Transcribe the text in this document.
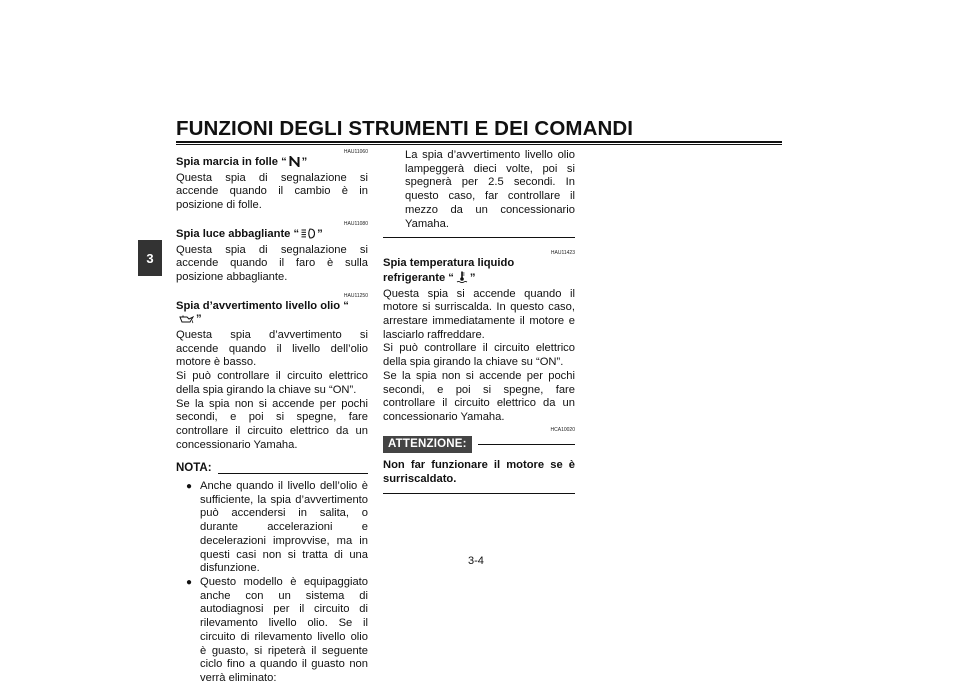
FUNZIONI DEGLI STRUMENTI E DEI COMANDI
3
HAU11060
Spia marcia in folle “ ”
Questa spia di segnalazione si accende quando il cambio è in posizione di folle.
HAU11080
Spia luce abbagliante “ ”
Questa spia di segnalazione si accende quando il faro è sulla posizione abbagliante.
HAU11250
Spia d’avvertimento livello olio “”
Questa spia d’avvertimento si accende quando il livello dell’olio motore è basso.
Si può controllare il circuito elettrico della spia girando la chiave su “ON”.
Se la spia non si accende per pochi secondi, e poi si spegne, fare controllare il circuito elettrico da un concessionario Yamaha.
NOTA:
● Anche quando il livello dell’olio è sufficiente, la spia d’avvertimento può accendersi in salita, o durante accelerazioni e decelerazioni improvvise, ma in questi casi non si tratta di una disfunzione.
● Questo modello è equipaggiato anche con un sistema di autodiagnosi per il circuito di rilevamento livello olio. Se il circuito di rilevamento livello olio è guasto, si ripeterà il seguente ciclo fino a quando il guasto non verrà eliminato:
La spia d’avvertimento livello olio lampeggerà dieci volte, poi si spegnerà per 2.5 secondi. In questo caso, far controllare il mezzo da un concessionario Yamaha.
HAU11423
Spia temperatura liquido
refrigerante “ ”
Questa spia si accende quando il motore si surriscalda. In questo caso, arrestare immediatamente il motore e lasciarlo raffreddare.
Si può controllare il circuito elettrico della spia girando la chiave su “ON”.
Se la spia non si accende per pochi secondi, e poi si spegne, fare controllare il circuito elettrico da un concessionario Yamaha.
HCA10020
ATTENZIONE:
Non far funzionare il motore se è surriscaldato.
3-4
